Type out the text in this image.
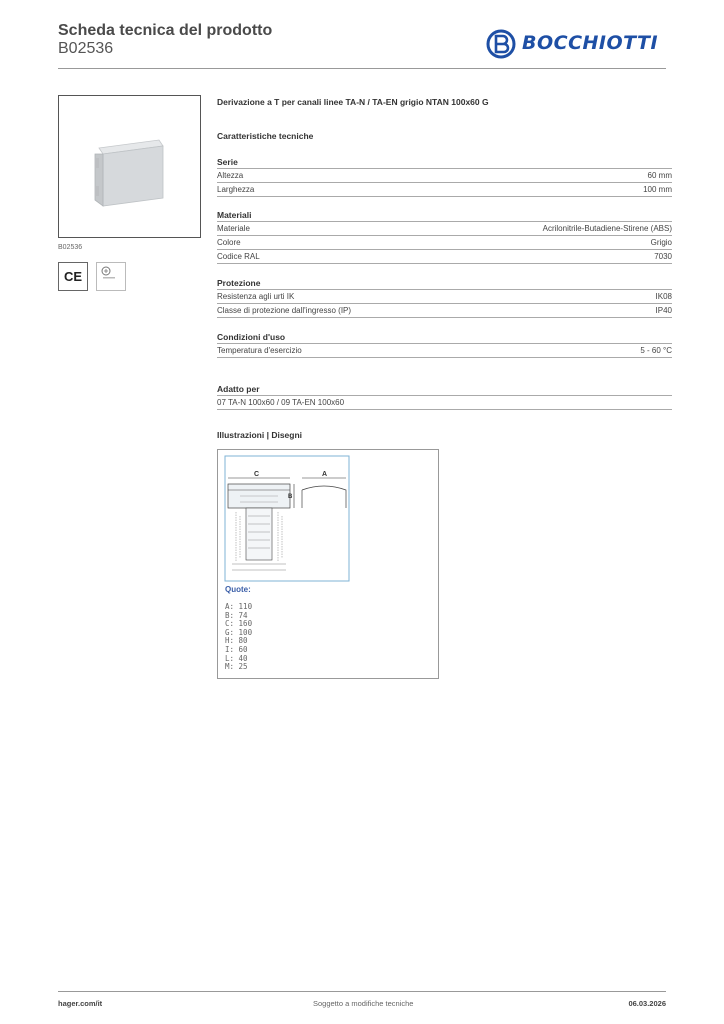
Scheda tecnica del prodotto
B02536	BOCCHIOTTI
B02536
CE
Derivazione a T per canali linee TA-N / TA-EN grigio NTAN 100x60 G
Caratteristiche tecniche
Serie
Altezza	60 mm
Larghezza	100 mm
Materiali
Materiale	Acrilonitrile-Butadiene-Stirene (ABS)
Colore	Grigio
Codice RAL	7030
Protezione
Resistenza agli urti IK	IK08
Classe di protezione dall'ingresso (IP)	IP40
Condizioni d'uso
Temperatura d'esercizio	5 - 60 °C
Adatto per
07 TA-N 100x60 / 09 TA-EN 100x60
Illustrazioni | Disegni
C	A
B
Quote:
A: 110
B: 74
C: 160
G: 100
H: 80
I: 60
L: 40
M: 25
hager.com/it	Soggetto a modifiche tecniche	06.03.2026
